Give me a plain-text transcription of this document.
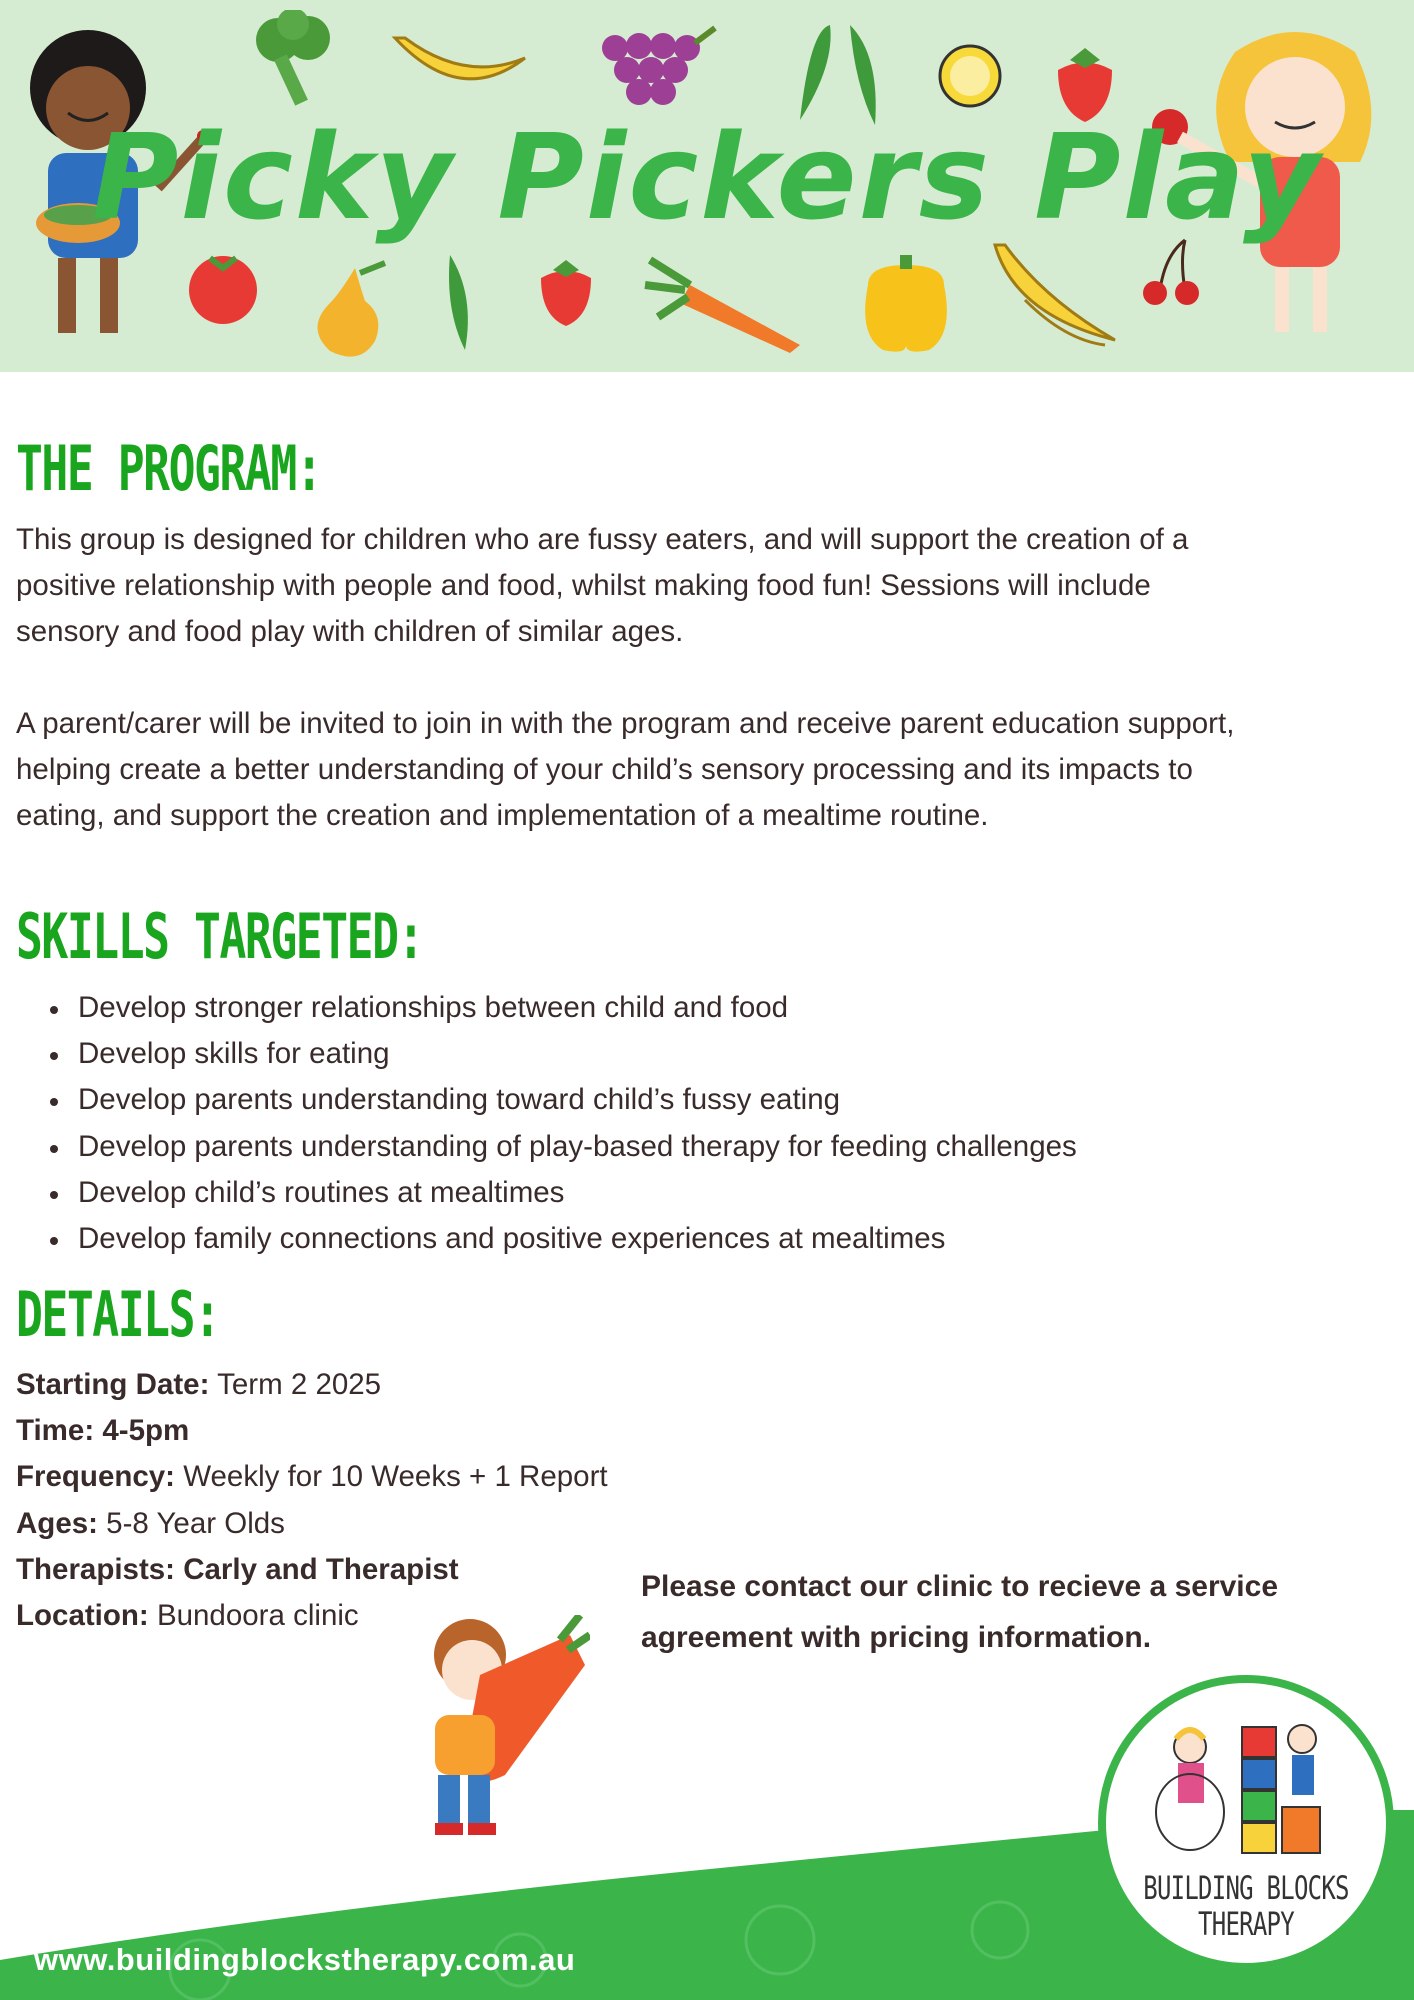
Picky Pickers Play
THE PROGRAM:
This group is designed for children who are fussy eaters, and will support the creation of a
positive relationship with people and food, whilst making food fun! Sessions will include
sensory and food play with children of similar ages.
A parent/carer will be invited to join in with the program and receive parent education support,
helping create a better understanding of your child’s sensory processing and its impacts to
eating, and support the creation and implementation of a mealtime routine.
SKILLS TARGETED:
Develop stronger relationships between child and food
Develop skills for eating
Develop parents understanding toward child’s fussy eating
Develop parents understanding of play-based therapy for feeding challenges
Develop child’s routines at mealtimes
Develop family connections and positive experiences at mealtimes
DETAILS:
Starting Date: Term 2 2025
Time: 4-5pm
Frequency: Weekly for 10 Weeks + 1 Report
Ages: 5-8 Year Olds
Therapists: Carly and Therapist
Location: Bundoora clinic
Please contact our clinic to recieve a service
agreement with pricing information.
www.buildingblockstherapy.com.au
BUILDING BLOCKS
THERAPY
